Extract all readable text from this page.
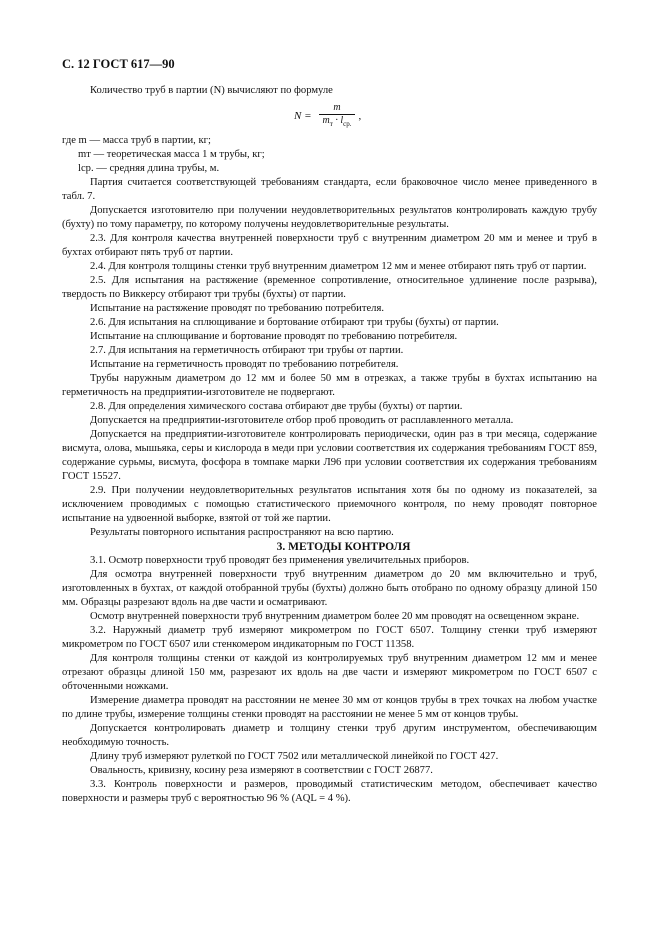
С. 12 ГОСТ 617—90

Количество труб в партии (N) вычисляют по формуле

$N = \frac{m}{m_т \cdot l_{ср.}}$ ,

где m — масса труб в партии, кг;

mт — теоретическая масса 1 м трубы, кг;

lср. — средняя длина трубы, м.

Партия считается соответствующей требованиям стандарта, если браковочное число менее приведенного в табл. 7.

Допускается изготовителю при получении неудовлетворительных результатов контролировать каждую трубу (бухту) по тому параметру, по которому получены неудовлетворительные результаты.

2.3. Для контроля качества внутренней поверхности труб с внутренним диаметром 20 мм и менее и труб в бухтах отбирают пять труб от партии.

2.4. Для контроля толщины стенки труб внутренним диаметром 12 мм и менее отбирают пять труб от партии.

2.5. Для испытания на растяжение (временное сопротивление, относительное удлинение после разрыва), твердость по Виккерсу отбирают три трубы (бухты) от партии.

Испытание на растяжение проводят по требованию потребителя.

2.6. Для испытания на сплющивание и бортование отбирают три трубы (бухты) от партии.

Испытание на сплющивание и бортование проводят по требованию потребителя.

2.7. Для испытания на герметичность отбирают три трубы от партии.

Испытание на герметичность проводят по требованию потребителя.

Трубы наружным диаметром до 12 мм и более 50 мм в отрезках, а также трубы в бухтах испытанию на герметичность на предприятии-изготовителе не подвергают.

2.8. Для определения химического состава отбирают две трубы (бухты) от партии.

Допускается на предприятии-изготовителе отбор проб проводить от расплавленного металла.

Допускается на предприятии-изготовителе контролировать периодически, один раз в три месяца, содержание висмута, олова, мышьяка, серы и кислорода в меди при условии соответствия их содержания требованиям ГОСТ 859, содержание сурьмы, висмута, фосфора в томпаке марки Л96 при условии соответствия их содержания требованиям ГОСТ 15527.

2.9. При получении неудовлетворительных результатов испытания хотя бы по одному из показателей, за исключением проводимых с помощью статистического приемочного контроля, по нему проводят повторное испытание на удвоенной выборке, взятой от той же партии.

Результаты повторного испытания распространяют на всю партию.

3. МЕТОДЫ КОНТРОЛЯ

3.1. Осмотр поверхности труб проводят без применения увеличительных приборов.

Для осмотра внутренней поверхности труб внутренним диаметром до 20 мм включительно и труб, изготовленных в бухтах, от каждой отобранной трубы (бухты) должно быть отобрано по одному образцу длиной 150 мм. Образцы разрезают вдоль на две части и осматривают.

Осмотр внутренней поверхности труб внутренним диаметром более 20 мм проводят на освещенном экране.

3.2. Наружный диаметр труб измеряют микрометром по ГОСТ 6507. Толщину стенки труб измеряют микрометром по ГОСТ 6507 или стенкомером индикаторным по ГОСТ 11358.

Для контроля толщины стенки от каждой из контролируемых труб внутренним диаметром 12 мм и менее отрезают образцы длиной 150 мм, разрезают их вдоль на две части и измеряют микрометром по ГОСТ 6507 с обточенными ножками.

Измерение диаметра проводят на расстоянии не менее 30 мм от концов трубы в трех точках на любом участке по длине трубы, измерение толщины стенки проводят на расстоянии не менее 5 мм от концов трубы.

Допускается контролировать диаметр и толщину стенки труб другим инструментом, обеспечивающим необходимую точность.

Длину труб измеряют рулеткой по ГОСТ 7502 или металлической линейкой по ГОСТ 427.

Овальность, кривизну, косину реза измеряют в соответствии с ГОСТ 26877.

3.3. Контроль поверхности и размеров, проводимый статистическим методом, обеспечивает качество поверхности и размеры труб с вероятностью 96 % (AQL = 4 %).
